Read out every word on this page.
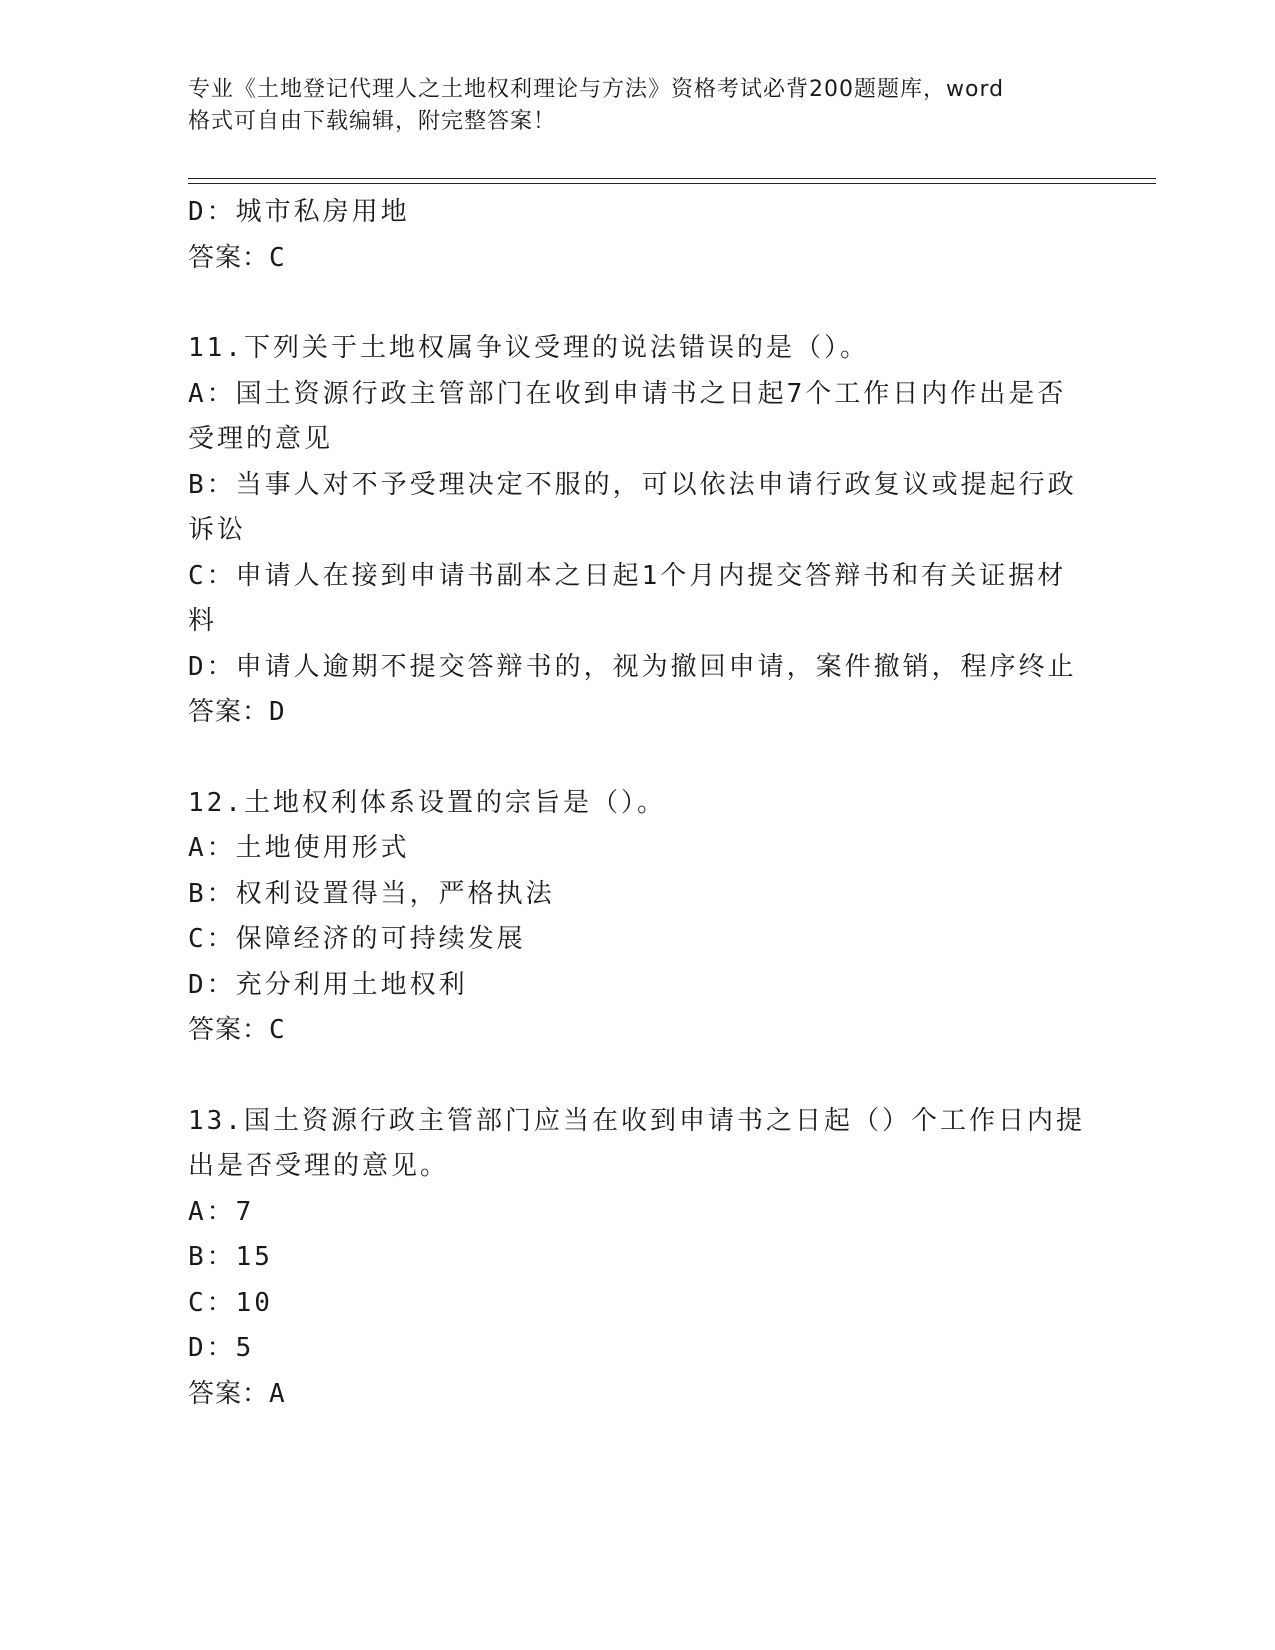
专业《土地登记代理人之土地权利理论与方法》资格考试必背200题题库，word
格式可自由下载编辑，附完整答案！
D：城市私房用地
答案：C
11.下列关于土地权属争议受理的说法错误的是（）。
A：国土资源行政主管部门在收到申请书之日起7个工作日内作出是否
受理的意见
B：当事人对不予受理决定不服的，可以依法申请行政复议或提起行政
诉讼
C：申请人在接到申请书副本之日起1个月内提交答辩书和有关证据材
料
D：申请人逾期不提交答辩书的，视为撤回申请，案件撤销，程序终止
答案：D
12.土地权利体系设置的宗旨是（）。
A：土地使用形式
B：权利设置得当，严格执法
C：保障经济的可持续发展
D：充分利用土地权利
答案：C
13.国土资源行政主管部门应当在收到申请书之日起（）个工作日内提
出是否受理的意见。
A：7
B：15
C：10
D：5
答案：A
